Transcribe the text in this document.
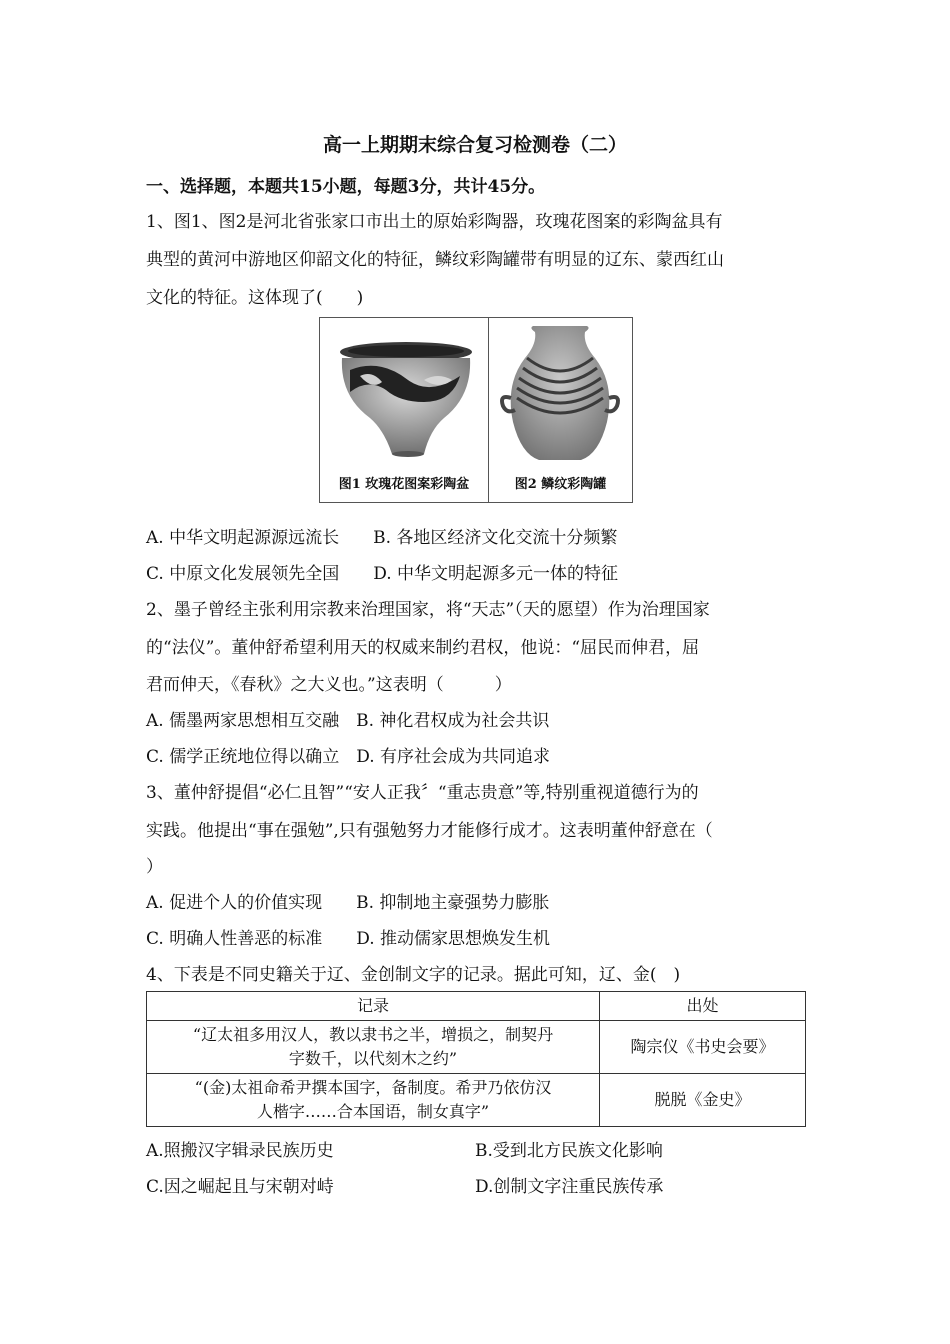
高一上期期末综合复习检测卷（二）
一、选择题，本题共15小题，每题3分，共计45分。
1、图1、图2是河北省张家口市出土的原始彩陶器，玫瑰花图案的彩陶盆具有
典型的黄河中游地区仰韶文化的特征，鳞纹彩陶罐带有明显的辽东、蒙西红山
文化的特征。这体现了(　　)
图1 玫瑰花图案彩陶盆	图2 鳞纹彩陶罐
A. 中华文明起源源远流长　　B. 各地区经济文化交流十分频繁
C. 中原文化发展领先全国　　D. 中华文明起源多元一体的特征
2、墨子曾经主张利用宗教来治理国家，将“天志”（天的愿望）作为治理国家
的“法仪”。董仲舒希望利用天的权威来制约君权，他说：“屈民而伸君，屈
君而伸天，《春秋》之大义也。”这表明（　　　）
A. 儒墨两家思想相互交融　B. 神化君权成为社会共识
C. 儒学正统地位得以确立　D. 有序社会成为共同追求
3、董仲舒提倡“必仁且智”“安人正我〞“重志贵意”等,特别重视道德行为的
实践。他提出“事在强勉”,只有强勉努力才能修行成才。这表明董仲舒意在（
）
A. 促进个人的价值实现　　B. 抑制地主豪强势力膨胀
C. 明确人性善恶的标准　　D. 推动儒家思想焕发生机
4、下表是不同史籍关于辽、金创制文字的记录。据此可知，辽、金(　)
记录	出处

“辽太祖多用汉人，教以隶书之半，增损之，制契丹
字数千，以代刻木之约”	陶宗仪《书史会要》

“(金)太祖命希尹撰本国字，备制度。希尹乃依仿汉
人楷字……合本国语，制女真字”	脱脱《金史》
A.照搬汉字辑录民族历史	B.受到北方民族文化影响
C.因之崛起且与宋朝对峙	D.创制文字注重民族传承
